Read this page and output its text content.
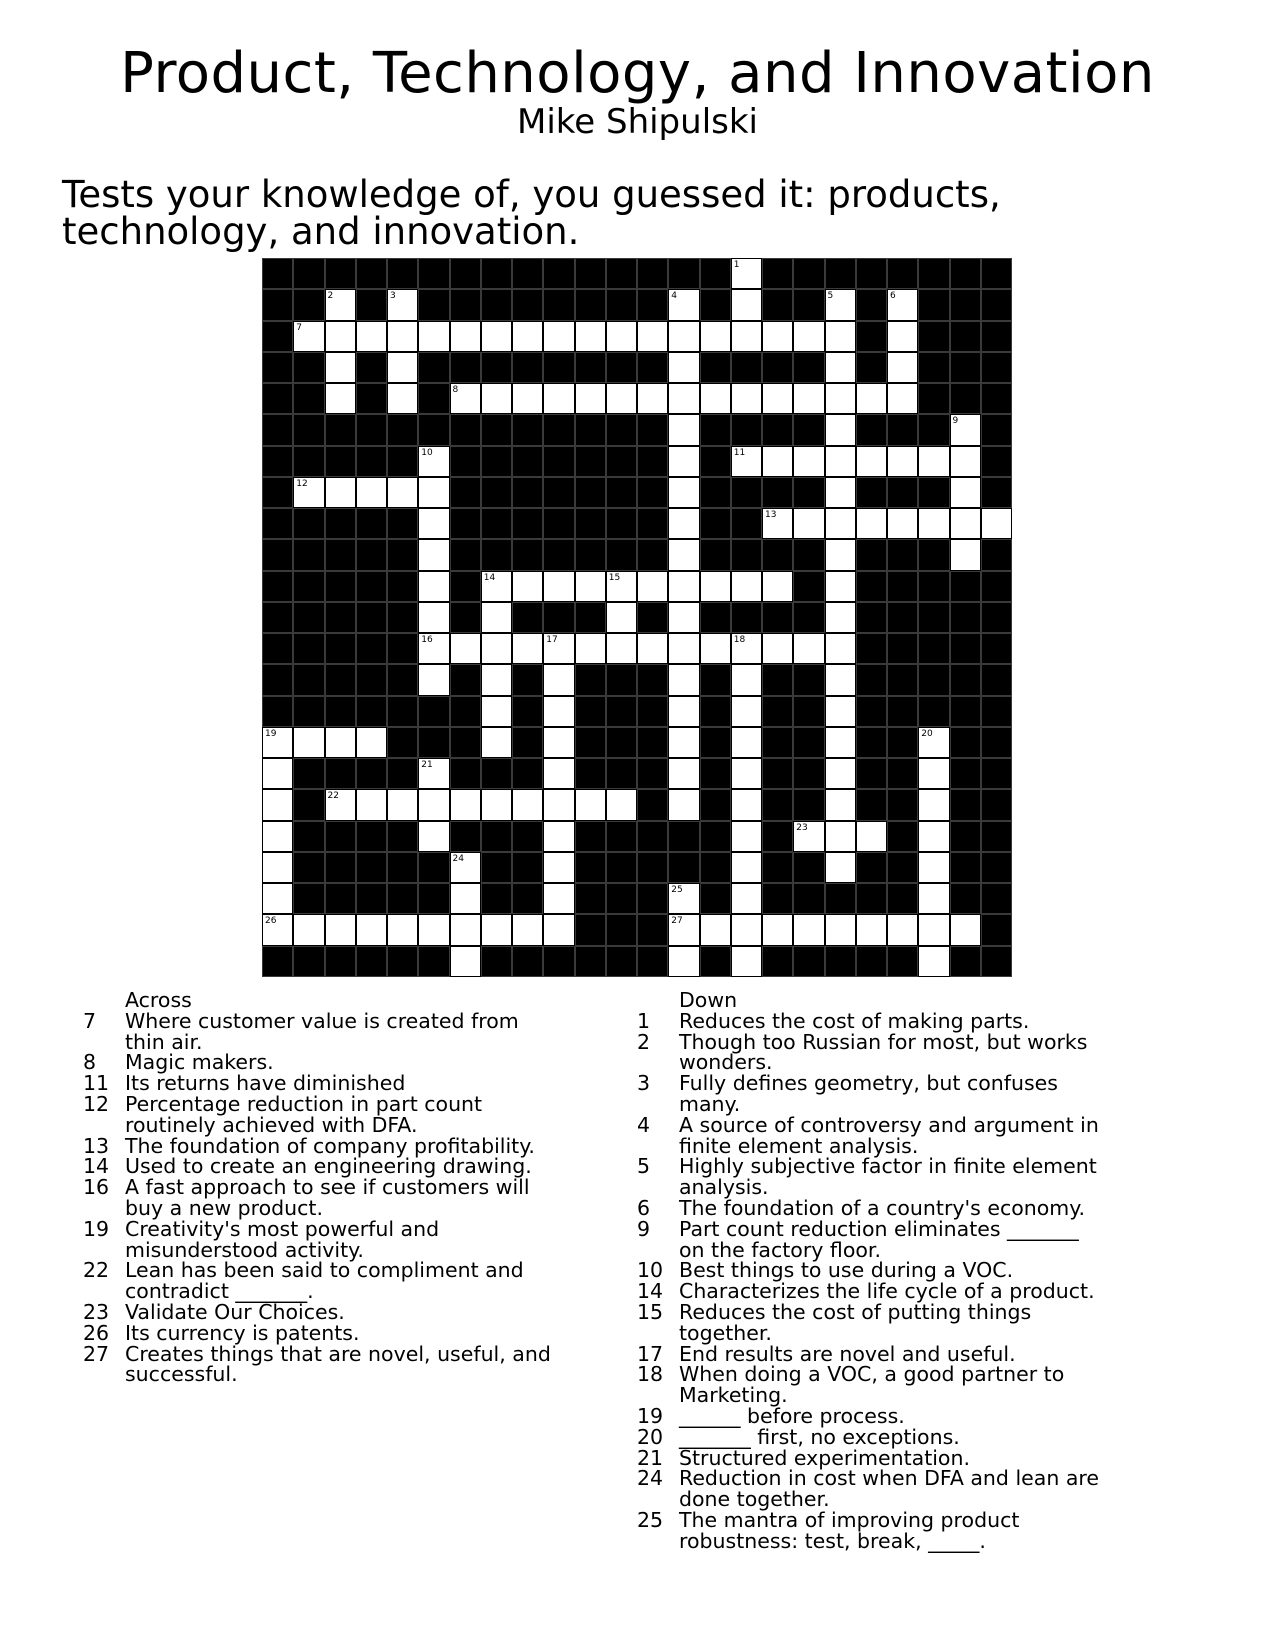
Product, Technology, and Innovation
Mike Shipulski
Tests your knowledge of, you guessed it: products, technology, and innovation.
1
2	3	4	5	6
7
8
9
10	11
12
13
14	15
16	17	18
19	20
21
22
23
24
25
26	27
Across
7	Where customer value is created from thin air.
8	Magic makers.
11 Its returns have diminished
12 Percentage reduction in part count routinely achieved with DFA.
13 The foundation of company profitability.
14 Used to create an engineering drawing.
16 A fast approach to see if customers will buy a new product.
19 Creativity's most powerful and misunderstood activity.
22 Lean has been said to compliment and contradict _______.
23 Validate Our Choices.
26 Its currency is patents.
27 Creates things that are novel, useful, and successful.
Down
1	Reduces the cost of making parts.
2	Though too Russian for most, but works wonders.
3	Fully defines geometry, but confuses many.
4	A source of controversy and argument in finite element analysis.
5	Highly subjective factor in finite element analysis.
6	The foundation of a country's economy.
9	Part count reduction eliminates _______ on the factory floor.
10 Best things to use during a VOC.
14 Characterizes the life cycle of a product.
15 Reduces the cost of putting things together.
17 End results are novel and useful.
18 When doing a VOC, a good partner to Marketing.
19 ______ before process.
20 _______ first, no exceptions.
21 Structured experimentation.
24 Reduction in cost when DFA and lean are done together.
25 The mantra of improving product robustness: test, break, _____.
